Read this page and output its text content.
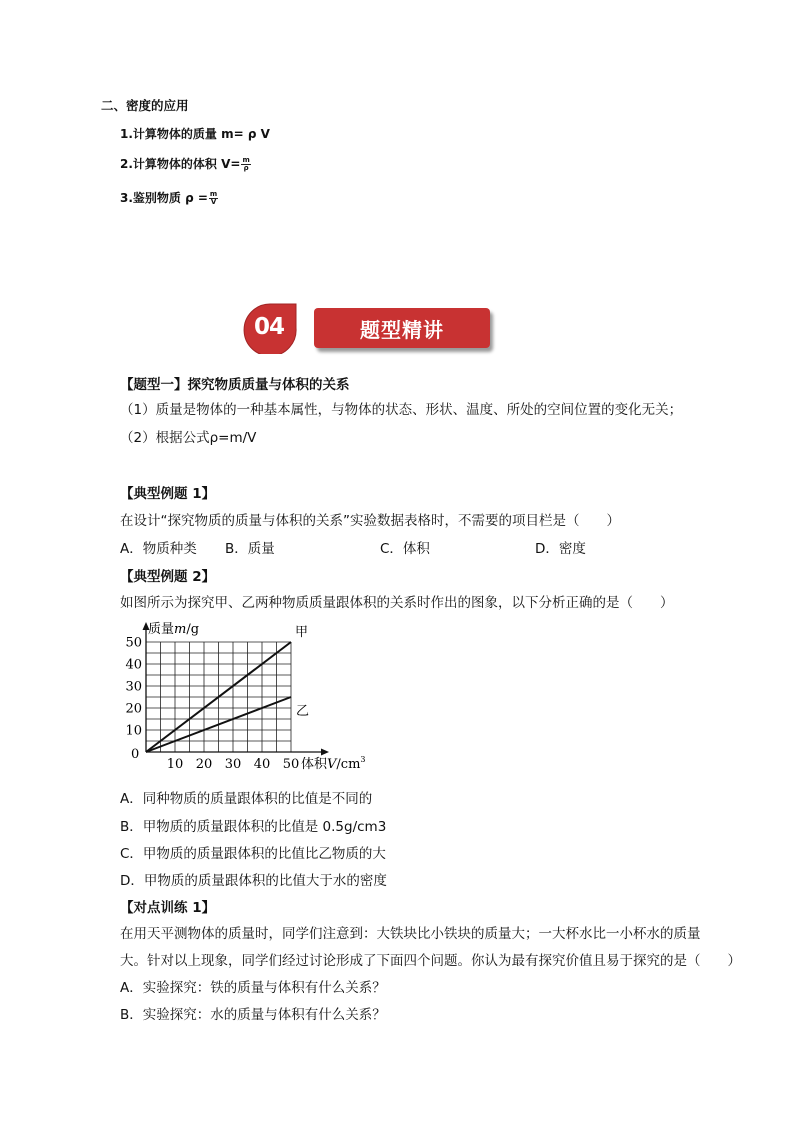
二、密度的应用
1.计算物体的质量 m= ρ V
2.计算物体的体积 $V= \frac{m}{\rho}$
3.鉴别物质 $\rho = \frac{m}{V}$
04	题型精讲
【题型一】探究物质质量与体积的关系
（1）质量是物体的一种基本属性，与物体的状态、形状、温度、所处的空间位置的变化无关；
（2）根据公式ρ=m/V
【典型例题 1】
在设计“探究物质的质量与体积的关系”实验数据表格时，不需要的项目栏是（　　）
A．物质种类 B．质量	C．体积	D．密度
【典型例题 2】
如图所示为探究甲、乙两种物质质量跟体积的关系时作出的图象，以下分析正确的是（　　）
甲
乙
10 20 30 40 50
10
20
30
40
50
质量m/g
体积$V/cm^3$
0
A．同种物质的质量跟体积的比值是不同的
B．甲物质的质量跟体积的比值是 0.5g/cm3
C．甲物质的质量跟体积的比值比乙物质的大
D．甲物质的质量跟体积的比值大于水的密度
【对点训练 1】
在用天平测物体的质量时，同学们注意到：大铁块比小铁块的质量大；一大杯水比一小杯水的质量
大。针对以上现象，同学们经过讨论形成了下面四个问题。你认为最有探究价值且易于探究的是（　　）
A．实验探究：铁的质量与体积有什么关系？
B．实验探究：水的质量与体积有什么关系？
